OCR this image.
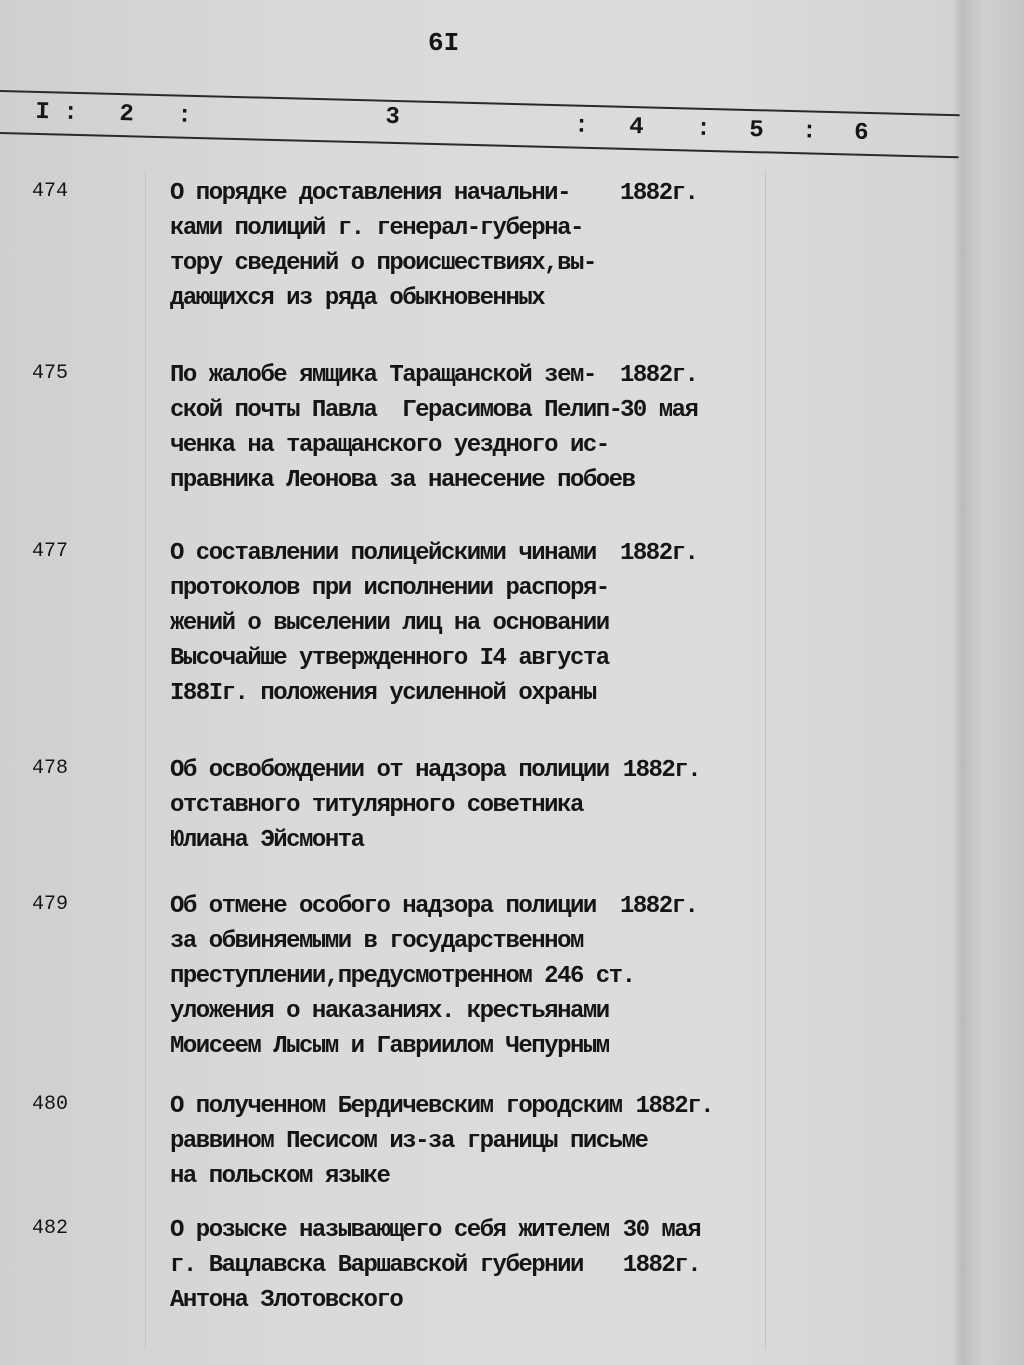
6I
I : 2 :	3	: 4 : 5 : 6
474	О порядке доставления начальни-
ками полиций г. генерал-губерна-
тору сведений о происшествиях,вы-
дающихся из ряда обыкновенных
1882г.
475	По жалобе ямщика Таращанской зем-
ской почты Павла  Герасимова Пелип-
ченка на таращанского уездного ис-
правника Леонова за нанесение побоев
1882г.
30 мая
477	О составлении полицейскими чинами
протоколов при исполнении распоря-
жений о выселении лиц на основании
Высочайше утвержденного I4 августа
I88Iг. положения усиленной охраны
1882г.
478	Об освобождении от надзора полиции
отставного титулярного советника
Юлиана Эйсмонта
1882г.
479	Об отмене особого надзора полиции
за обвиняемыми в государственном
преступлении,предусмотренном 246 ст.
уложения о наказаниях. крестьянами
Моисеем Лысым и Гавриилом Чепурным
1882г.
480	О полученном Бердичевским городским
раввином Песисом из-за границы письме
на польском языке
1882г.
482	О розыске называющего себя жителем
г. Вацлавска Варшавской губернии
Антона Злотовского
30 мая
1882г.
